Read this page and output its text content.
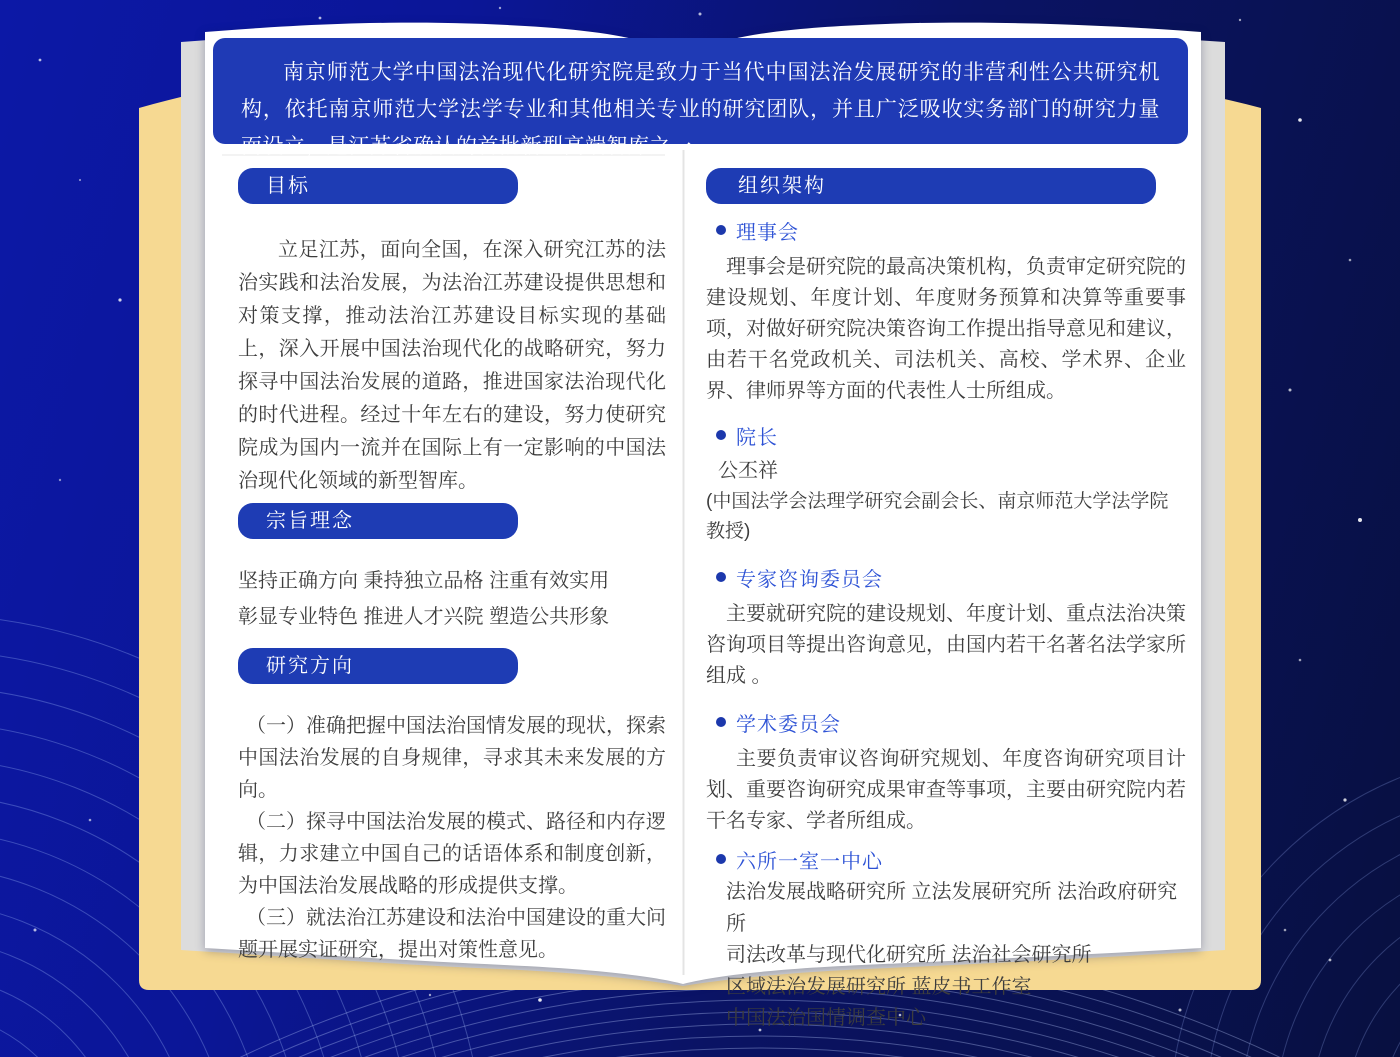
南京师范大学中国法治现代化研究院是致力于当代中国法治发展研究的非营利性公共研究机构，依托南京师范大学法学专业和其他相关专业的研究团队，并且广泛吸收实务部门的研究力量而设立，是江苏省确认的首批新型高端智库之一。
目标

立足江苏，面向全国，在深入研究江苏的法治实践和法治发展，为法治江苏建设提供思想和对策支撑，推动法治江苏建设目标实现的基础上，深入开展中国法治现代化的战略研究，努力探寻中国法治发展的道路，推进国家法治现代化的时代进程。经过十年左右的建设，努力使研究院成为国内一流并在国际上有一定影响的中国法治现代化领域的新型智库。

宗旨理念
坚持正确方向 秉持独立品格 注重有效实用
彰显专业特色 推进人才兴院 塑造公共形象
研究方向

（一）准确把握中国法治国情发展的现状，探索中国法治发展的自身规律，寻求其未来发展的方向。

（二）探寻中国法治发展的模式、路径和内存逻辑，力求建立中国自己的话语体系和制度创新，为中国法治发展战略的形成提供支撑。

（三）就法治江苏建设和法治中国建设的重大问题开展实证研究，提出对策性意见。

组织架构
理事会

理事会是研究院的最高决策机构，负责审定研究院的建设规划、年度计划、年度财务预算和决算等重要事项，对做好研究院决策咨询工作提出指导意见和建议，由若干名党政机关、司法机关、高校、学术界、企业界、律师界等方面的代表性人士所组成。

院长
公丕祥
(中国法学会法理学研究会副会长、南京师范大学法学院教授)
专家咨询委员会

主要就研究院的建设规划、年度计划、重点法治决策咨询项目等提出咨询意见，由国内若干名著名法学家所组成 。

学术委员会

主要负责审议咨询研究规划、年度咨询研究项目计划、重要咨询研究成果审查等事项，主要由研究院内若干名专家、学者所组成。

六所一室一中心
法治发展战略研究所 立法发展研究所 法治政府研究所
司法改革与现代化研究所 法治社会研究所
区域法治发展研究所 蓝皮书工作室
中国法治国情调查中心
